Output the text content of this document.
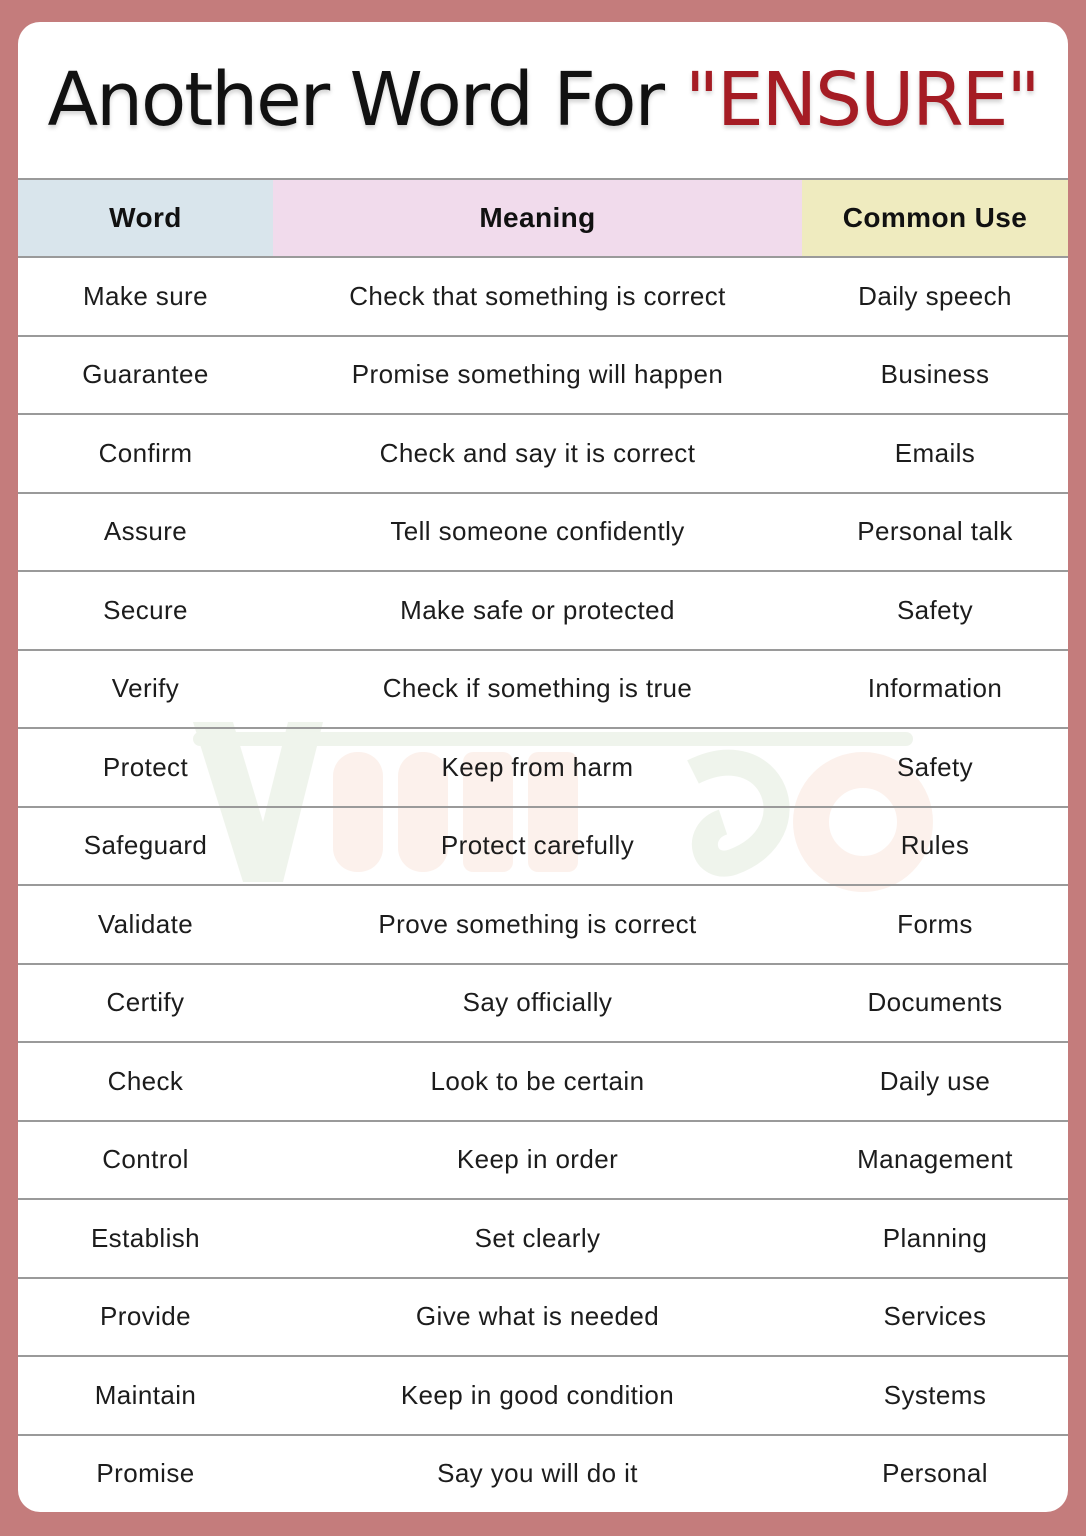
Another Word For "ENSURE"
Word	Meaning	Common Use
Make sure	Check that something is correct	Daily speech
Guarantee	Promise something will happen	Business
Confirm	Check and say it is correct	Emails
Assure	Tell someone confidently	Personal talk
Secure	Make safe or protected	Safety
Verify	Check if something is true	Information
Protect	Keep from harm	Safety
Safeguard	Protect carefully	Rules
Validate	Prove something is correct	Forms
Certify	Say officially	Documents
Check	Look to be certain	Daily use
Control	Keep in order	Management
Establish	Set clearly	Planning
Provide	Give what is needed	Services
Maintain	Keep in good condition	Systems
Promise	Say you will do it	Personal
